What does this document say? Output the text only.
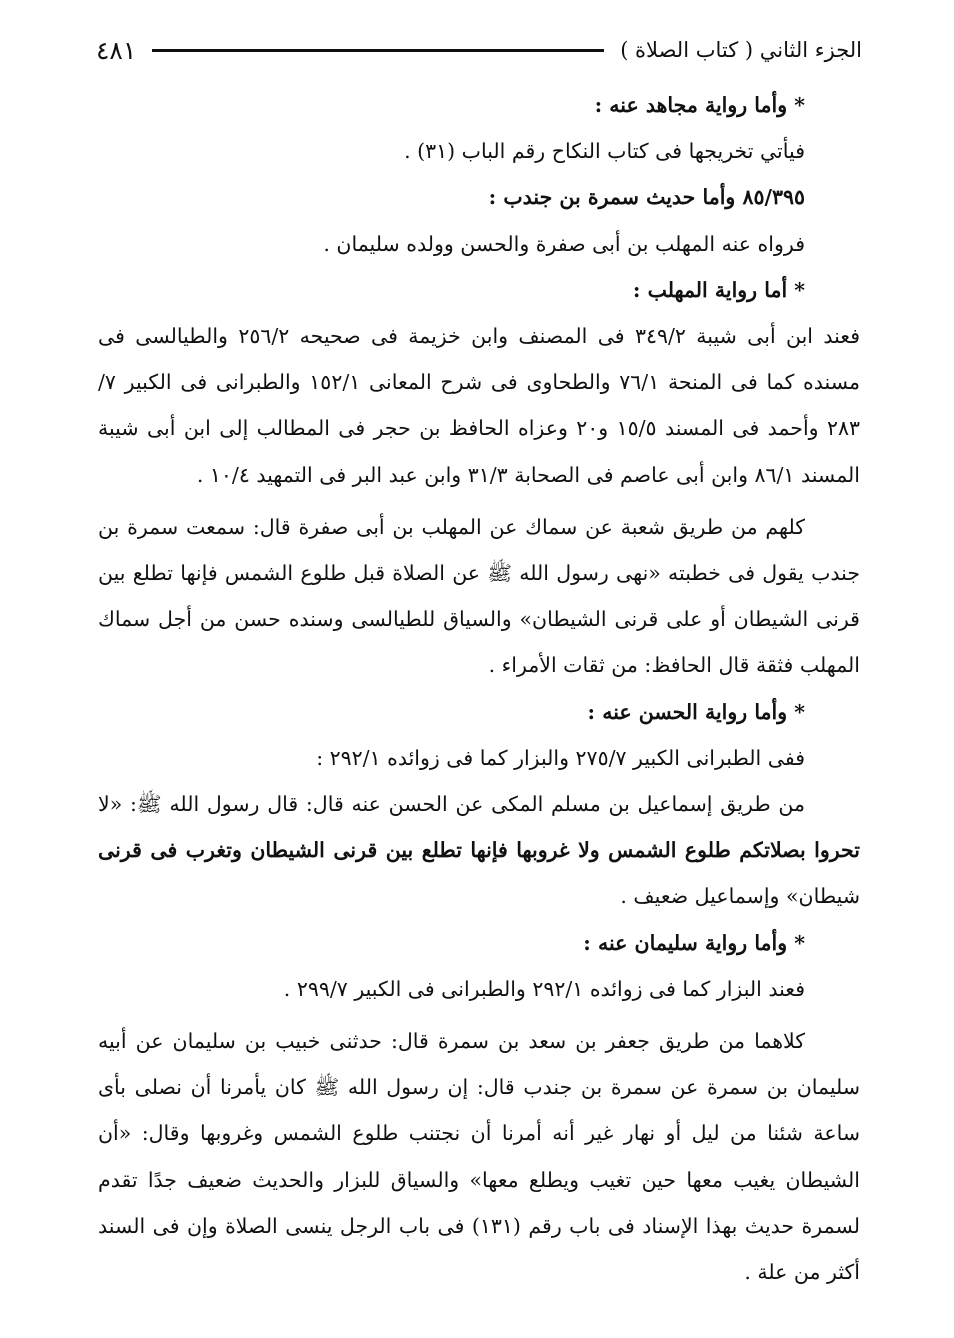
الجزء الثاني ( كتاب الصلاة )
٤٨١
* وأما رواية مجاهد عنه :
فيأتي تخريجها فى كتاب النكاح رقم الباب (٣١) .
٨٥/٣٩٥ وأما حديث سمرة بن جندب :
فرواه عنه المهلب بن أبى صفرة والحسن وولده سليمان .
* أما رواية المهلب :
فعند ابن أبى شيبة ٣٤٩/٢ فى المصنف وابن خزيمة فى صحيحه ٢٥٦/٢ والطيالسى فى
مسنده كما فى المنحة ٧٦/١ والطحاوى فى شرح المعانى ١٥٢/١ والطبرانى فى الكبير ٧/
٢٨٣ وأحمد فى المسند ١٥/٥ و٢٠ وعزاه الحافظ بن حجر فى المطالب إلى ابن أبى شيبة
المسند ٨٦/١ وابن أبى عاصم فى الصحابة ٣١/٣ وابن عبد البر فى التمهيد ١٠/٤ .
كلهم من طريق شعبة عن سماك عن المهلب بن أبى صفرة قال: سمعت سمرة بن
جندب يقول فى خطبته «نهى رسول الله ﷺ عن الصلاة قبل طلوع الشمس فإنها تطلع بين
قرنى الشيطان أو على قرنى الشيطان» والسياق للطيالسى وسنده حسن من أجل سماك
المهلب فثقة قال الحافظ: من ثقات الأمراء .
* وأما رواية الحسن عنه :
ففى الطبرانى الكبير ٢٧٥/٧ والبزار كما فى زوائده ٢٩٢/١ :
من طريق إسماعيل بن مسلم المكى عن الحسن عنه قال: قال رسول الله ﷺ: «لا
تحروا بصلاتكم طلوع الشمس ولا غروبها فإنها تطلع بين قرنى الشيطان وتغرب فى قرنى
شيطان» وإسماعيل ضعيف .
* وأما رواية سليمان عنه :
فعند البزار كما فى زوائده ٢٩٢/١ والطبرانى فى الكبير ٢٩٩/٧ .
كلاهما من طريق جعفر بن سعد بن سمرة قال: حدثنى خبيب بن سليمان عن أبيه
سليمان بن سمرة عن سمرة بن جندب قال: إن رسول الله ﷺ كان يأمرنا أن نصلى بأى
ساعة شئنا من ليل أو نهار غير أنه أمرنا أن نجتنب طلوع الشمس وغروبها وقال: «أن
الشيطان يغيب معها حين تغيب ويطلع معها» والسياق للبزار والحديث ضعيف جدًا تقدم
لسمرة حديث بهذا الإسناد فى باب رقم (١٣١) فى باب الرجل ينسى الصلاة وإن فى السند
أكثر من علة .
